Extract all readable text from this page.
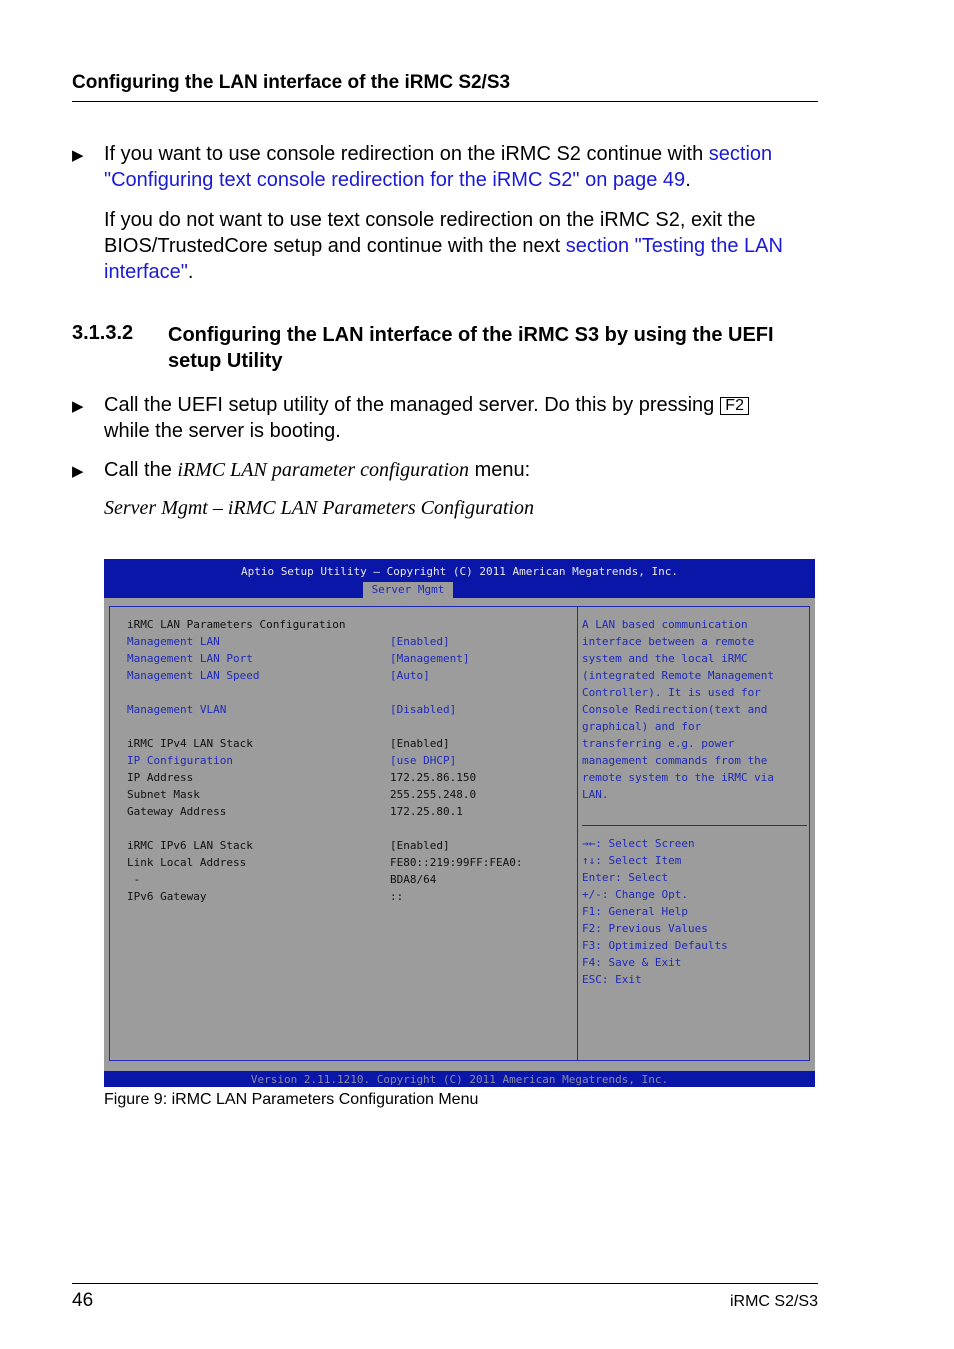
Configuring the LAN interface of the iRMC S2/S3
▶ If you want to use console redirection on the iRMC S2 continue with section
"Configuring text console redirection for the iRMC S2" on page 49.
If you do not want to use text console redirection on the iRMC S2, exit the
BIOS/TrustedCore setup and continue with the next section "Testing the LAN
interface".
3.1.3.2 Configuring the LAN interface of the iRMC S3 by using the UEFI setup Utility
▶ Call the UEFI setup utility of the managed server. Do this by pressing F2
while the server is booting.
▶ Call the iRMC LAN parameter configuration menu:
Server Mgmt – iRMC LAN Parameters Configuration
Aptio Setup Utility – Copyright (C) 2011 American Megatrends, Inc.
Server Mgmt
iRMC LAN Parameters Configuration
Management LAN	[Enabled]
Management LAN Port	[Management]
Management LAN Speed	[Auto]
Management VLAN	[Disabled]
iRMC IPv4 LAN Stack	[Enabled]
IP Configuration	[use DHCP]
IP Address	172.25.86.150
Subnet Mask	255.255.248.0
Gateway Address	172.25.80.1
iRMC IPv6 LAN Stack	[Enabled]
Link Local Address	FE80::219:99FF:FEA0:
-	BDA8/64
IPv6 Gateway	::
A LAN based communication
interface between a remote
system and the local iRMC
(integrated Remote Management
Controller). It is used for
Console Redirection(text and
graphical) and for
transferring e.g. power
management commands from the
remote system to the iRMC via
LAN.
→←: Select Screen
↑↓: Select Item
Enter: Select
+/-: Change Opt.
F1: General Help
F2: Previous Values
F3: Optimized Defaults
F4: Save & Exit
ESC: Exit
Version 2.11.1210. Copyright (C) 2011 American Megatrends, Inc.
Figure 9: iRMC LAN Parameters Configuration Menu
46	iRMC S2/S3
